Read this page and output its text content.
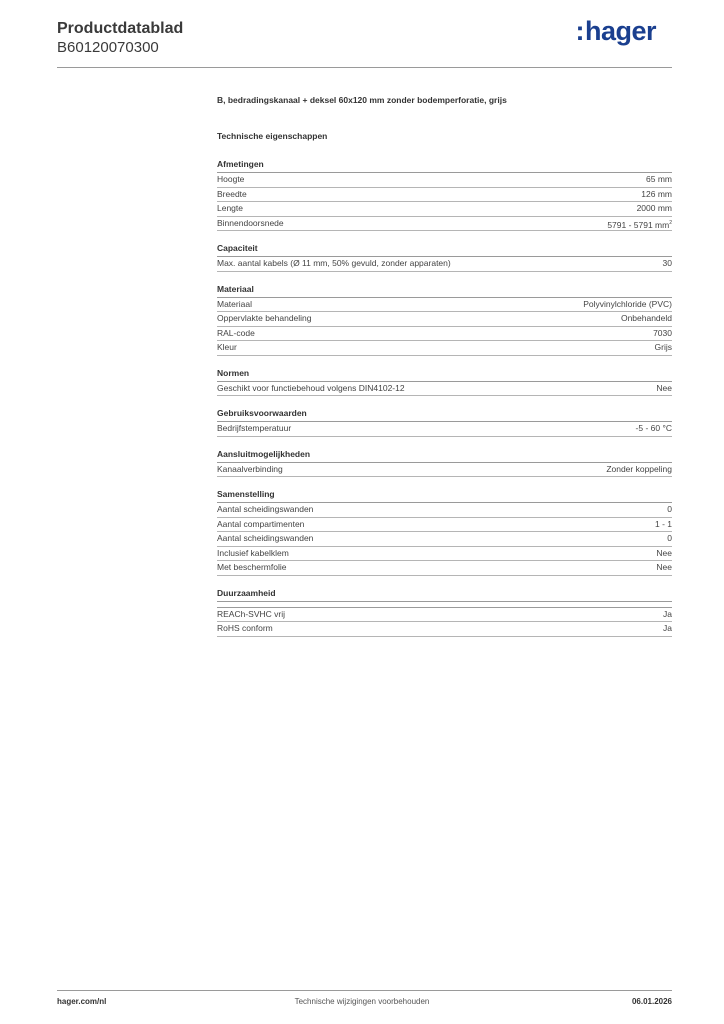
Productdatablad
B60120070300
:hager
B, bedradingskanaal + deksel 60x120 mm zonder bodemperforatie, grijs
Technische eigenschappen
Afmetingen
Hoogte	65 mm
Breedte	126 mm
Lengte	2000 mm
Binnendoorsnede	5791 - 5791 $mm^2$
Capaciteit
Max. aantal kabels (Ø 11 mm, 50% gevuld, zonder apparaten)	30
Materiaal
Materiaal	Polyvinylchloride (PVC)
Oppervlakte behandeling	Onbehandeld
RAL-code	7030
Kleur	Grijs
Normen
Geschikt voor functiebehoud volgens DIN4102-12	Nee
Gebruiksvoorwaarden
Bedrijfstemperatuur	-5 - 60 °C
Aansluitmogelijkheden
Kanaalverbinding	Zonder koppeling
Samenstelling
Aantal scheidingswanden	0
Aantal compartimenten	1 - 1
Aantal scheidingswanden	0
Inclusief kabelklem	Nee
Met beschermfolie	Nee
Duurzaamheid
REACh-SVHC vrij	Ja
RoHS conform	Ja
hager.com/nl	Technische wijzigingen voorbehouden	06.01.2026
